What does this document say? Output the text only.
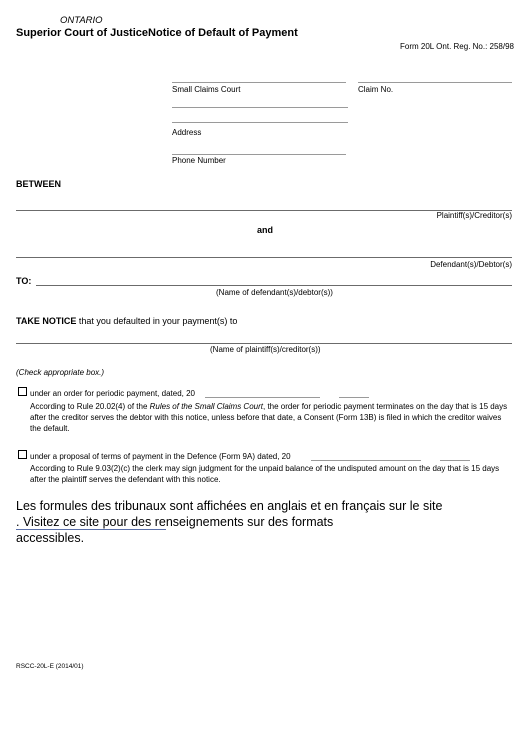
ONTARIO
Superior Court of JusticeNotice of Default of Payment
Form 20L Ont. Reg. No.: 258/98
Small Claims Court	Claim No.
Address
Phone Number
BETWEEN
Plaintiff(s)/Creditor(s)
and
Defendant(s)/Debtor(s)
TO:
(Name of defendant(s)/debtor(s))
TAKE NOTICE that you defaulted in your payment(s) to
(Name of plaintiff(s)/creditor(s))
(Check appropriate box.)
under an order for periodic payment, dated, 20
According to Rule 20.02(4) of the Rules of the Small Claims Court, the order for periodic payment terminates on the day that is 15 days after the creditor serves the debtor with this notice, unless before that date, a Consent (Form 13B) is filed in which the creditor waives the default.
under a proposal of terms of payment in the Defence (Form 9A) dated, 20
According to Rule 9.03(2)(c) the clerk may sign judgment for the unpaid balance of the undisputed amount on the day that is 15 days after the plaintiff serves the defendant with this notice.
Les formules des tribunaux sont affichées en anglais et en français sur le site
. Visitez ce site pour des renseignements sur des formats
accessibles.
RSCC-20L-E (2014/01)
